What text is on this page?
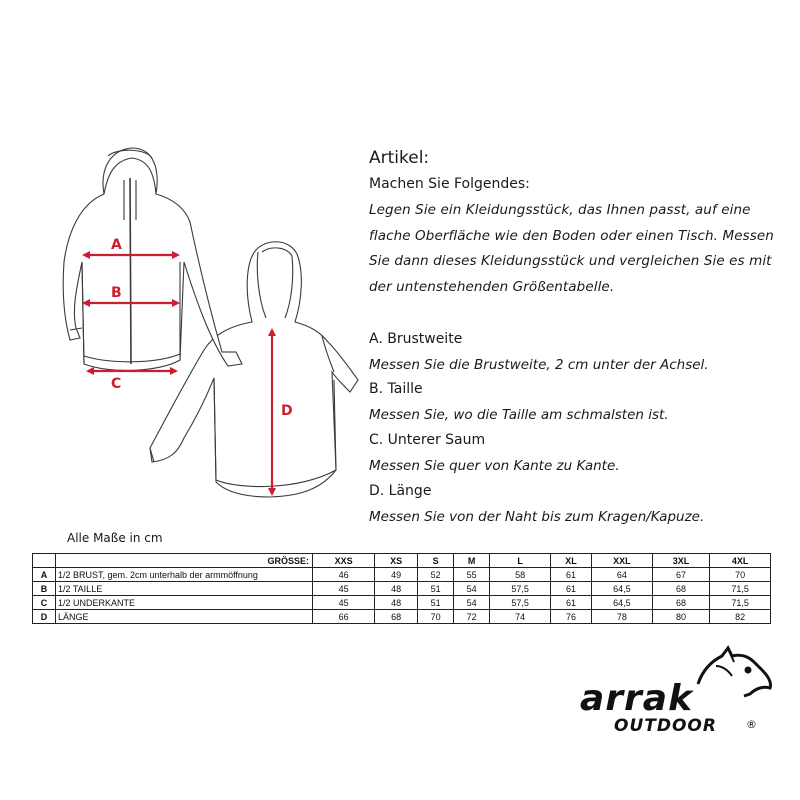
A
B
C
D
Artikel:
Machen Sie Folgendes:
Legen Sie ein Kleidungsstück, das Ihnen passt, auf eine
flache Oberfläche wie den Boden oder einen Tisch. Messen
Sie dann dieses Kleidungsstück und vergleichen Sie es mit
der untenstehenden Größentabelle.
A. Brustweite
Messen Sie die Brustweite, 2 cm unter der Achsel.
B. Taille
Messen Sie, wo die Taille am schmalsten ist.
C. Unterer Saum
Messen Sie quer von Kante zu Kante.
D. Länge
Messen Sie von der Naht bis zum Kragen/Kapuze.
Alle Maße in cm
	GRÖSSE:	XXS	XS	S	M	L	XL	XXL	3XL	4XL
A	1/2 BRUST, gem. 2cm unterhalb der armmöffnung	46	49	52	55	58	61	64	67	70
B	1/2 TAILLE	45	48	51	54	57,5	61	64,5	68	71,5
C	1/2 UNDERKANTE	45	48	51	54	57,5	61	64,5	68	71,5
D	LÄNGE	66	68	70	72	74	76	78	80	82
arrak
OUTDOOR	®
